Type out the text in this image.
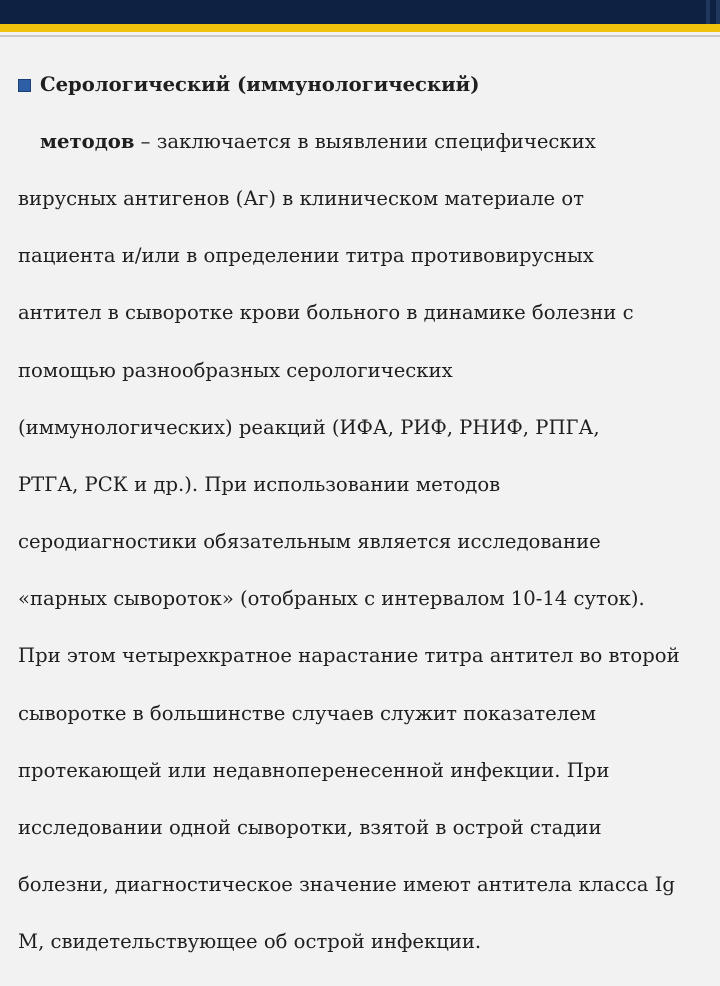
Серологический (иммунологический)

методов – заключается в выявлении специфических

вирусных антигенов (Аг) в клиническом материале от

пациента и/или в определении титра противовирусных

антител в сыворотке крови больного в динамике болезни с

помощью разнообразных серологических

(иммунологических) реакций (ИФА, РИФ, РНИФ, РПГА,

РТГА, РСК и др.). При использовании методов

серодиагностики обязательным является исследование

«парных сывороток» (отобраных с интервалом 10-14 суток).

При этом четырехкратное нарастание титра антител во второй

сыворотке в большинстве случаев служит показателем

протекающей или недавноперенесенной инфекции. При

исследовании одной сыворотки, взятой в острой стадии

болезни, диагностическое значение имеют антитела класса Ig

M, свидетельствующее об острой инфекции.
